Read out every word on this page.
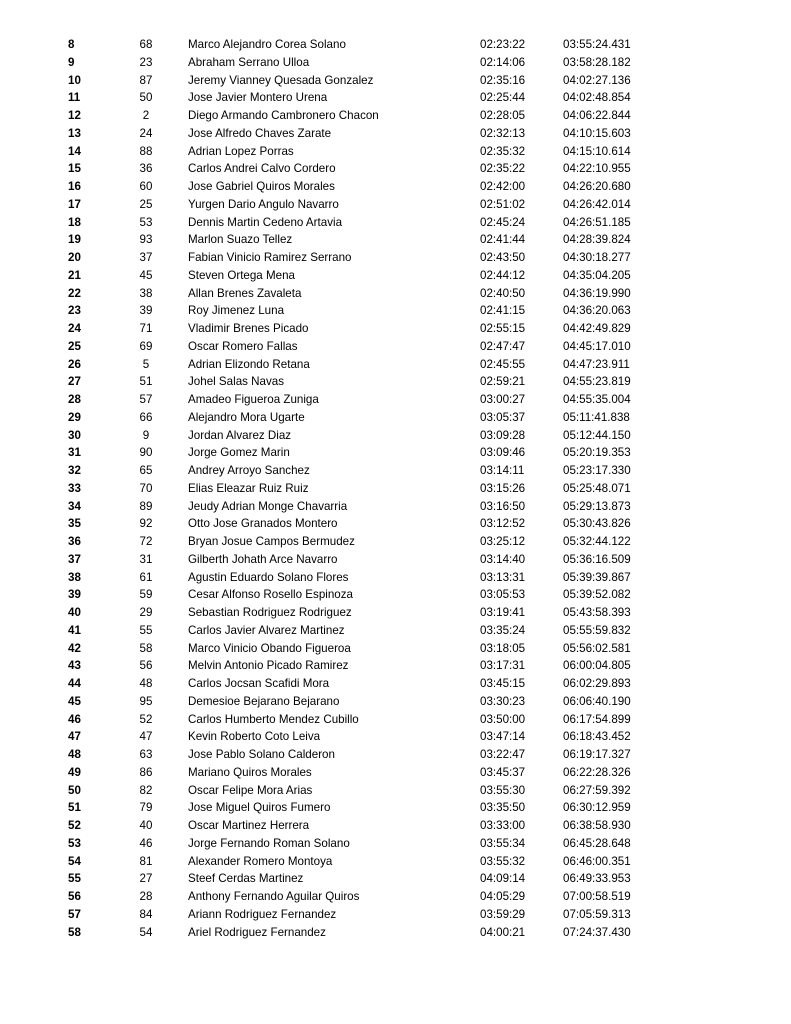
8	68	Marco Alejandro Corea Solano	02:23:22	03:55:24.431
9	23	Abraham Serrano Ulloa	02:14:06	03:58:28.182
10	87	Jeremy Vianney Quesada Gonzalez	02:35:16	04:02:27.136
11	50	Jose Javier Montero Urena	02:25:44	04:02:48.854
12	2	Diego Armando Cambronero Chacon	02:28:05	04:06:22.844
13	24	Jose Alfredo Chaves Zarate	02:32:13	04:10:15.603
14	88	Adrian Lopez Porras	02:35:32	04:15:10.614
15	36	Carlos Andrei Calvo Cordero	02:35:22	04:22:10.955
16	60	Jose Gabriel Quiros Morales	02:42:00	04:26:20.680
17	25	Yurgen Dario Angulo Navarro	02:51:02	04:26:42.014
18	53	Dennis Martin Cedeno Artavia	02:45:24	04:26:51.185
19	93	Marlon Suazo Tellez	02:41:44	04:28:39.824
20	37	Fabian Vinicio Ramirez Serrano	02:43:50	04:30:18.277
21	45	Steven Ortega Mena	02:44:12	04:35:04.205
22	38	Allan Brenes Zavaleta	02:40:50	04:36:19.990
23	39	Roy Jimenez Luna	02:41:15	04:36:20.063
24	71	Vladimir Brenes Picado	02:55:15	04:42:49.829
25	69	Oscar Romero Fallas	02:47:47	04:45:17.010
26	5	Adrian Elizondo Retana	02:45:55	04:47:23.911
27	51	Johel Salas Navas	02:59:21	04:55:23.819
28	57	Amadeo Figueroa Zuniga	03:00:27	04:55:35.004
29	66	Alejandro Mora Ugarte	03:05:37	05:11:41.838
30	9	Jordan Alvarez Diaz	03:09:28	05:12:44.150
31	90	Jorge Gomez Marin	03:09:46	05:20:19.353
32	65	Andrey Arroyo Sanchez	03:14:11	05:23:17.330
33	70	Elias Eleazar Ruiz Ruiz	03:15:26	05:25:48.071
34	89	Jeudy Adrian Monge Chavarria	03:16:50	05:29:13.873
35	92	Otto Jose Granados Montero	03:12:52	05:30:43.826
36	72	Bryan Josue Campos Bermudez	03:25:12	05:32:44.122
37	31	Gilberth Johath Arce Navarro	03:14:40	05:36:16.509
38	61	Agustin Eduardo Solano Flores	03:13:31	05:39:39.867
39	59	Cesar Alfonso Rosello Espinoza	03:05:53	05:39:52.082
40	29	Sebastian Rodriguez Rodriguez	03:19:41	05:43:58.393
41	55	Carlos Javier Alvarez Martinez	03:35:24	05:55:59.832
42	58	Marco Vinicio Obando Figueroa	03:18:05	05:56:02.581
43	56	Melvin Antonio Picado Ramirez	03:17:31	06:00:04.805
44	48	Carlos Jocsan Scafidi Mora	03:45:15	06:02:29.893
45	95	Demesioe Bejarano Bejarano	03:30:23	06:06:40.190
46	52	Carlos Humberto Mendez Cubillo	03:50:00	06:17:54.899
47	47	Kevin Roberto Coto Leiva	03:47:14	06:18:43.452
48	63	Jose Pablo Solano Calderon	03:22:47	06:19:17.327
49	86	Mariano Quiros Morales	03:45:37	06:22:28.326
50	82	Oscar Felipe Mora Arias	03:55:30	06:27:59.392
51	79	Jose Miguel Quiros Fumero	03:35:50	06:30:12.959
52	40	Oscar Martinez Herrera	03:33:00	06:38:58.930
53	46	Jorge Fernando Roman Solano	03:55:34	06:45:28.648
54	81	Alexander Romero Montoya	03:55:32	06:46:00.351
55	27	Steef Cerdas Martinez	04:09:14	06:49:33.953
56	28	Anthony Fernando Aguilar Quiros	04:05:29	07:00:58.519
57	84	Ariann Rodriguez Fernandez	03:59:29	07:05:59.313
58	54	Ariel Rodriguez Fernandez	04:00:21	07:24:37.430
